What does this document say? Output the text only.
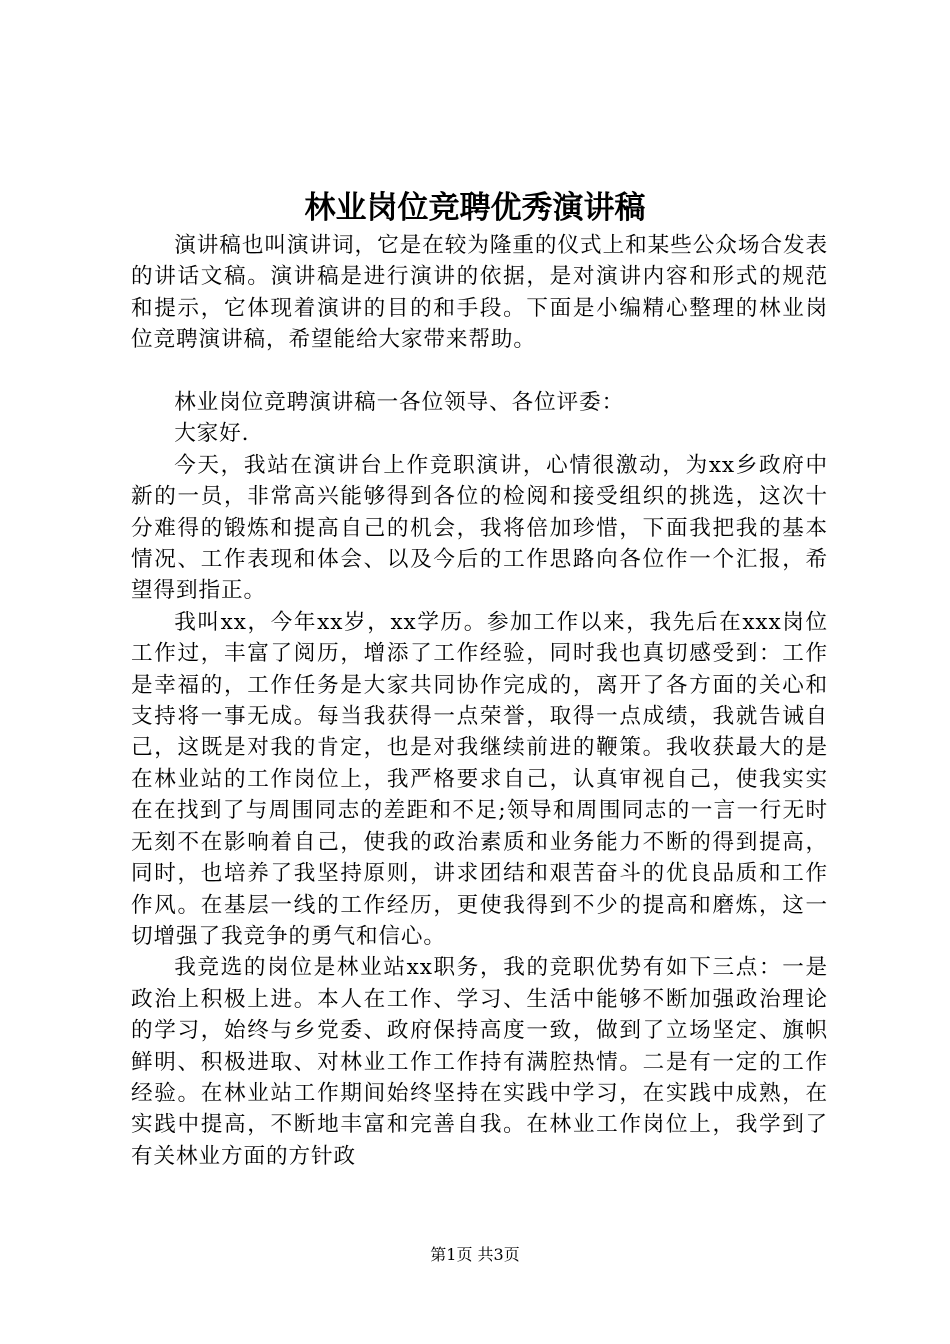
林业岗位竞聘优秀演讲稿

演讲稿也叫演讲词，它是在较为隆重的仪式上和某些公众场合发表的讲话文稿。演讲稿是进行演讲的依据，是对演讲内容和形式的规范和提示，它体现着演讲的目的和手段。下面是小编精心整理的林业岗位竞聘演讲稿，希望能给大家带来帮助。

林业岗位竞聘演讲稿一各位领导、各位评委：

大家好.

今天，我站在演讲台上作竞职演讲，心情很激动，为xx乡政府中新的一员，非常高兴能够得到各位的检阅和接受组织的挑选，这次十分难得的锻炼和提高自己的机会，我将倍加珍惜，下面我把我的基本情况、工作表现和体会、以及今后的工作思路向各位作一个汇报，希望得到指正。

我叫xx，今年xx岁，xx学历。参加工作以来，我先后在xxx岗位工作过，丰富了阅历，增添了工作经验，同时我也真切感受到：工作是幸福的，工作任务是大家共同协作完成的，离开了各方面的关心和支持将一事无成。每当我获得一点荣誉，取得一点成绩，我就告诫自己，这既是对我的肯定，也是对我继续前进的鞭策。我收获最大的是在林业站的工作岗位上，我严格要求自己，认真审视自己，使我实实在在找到了与周围同志的差距和不足;领导和周围同志的一言一行无时无刻不在影响着自己，使我的政治素质和业务能力不断的得到提高，同时，也培养了我坚持原则，讲求团结和艰苦奋斗的优良品质和工作作风。在基层一线的工作经历，更使我得到不少的提高和磨炼，这一切增强了我竞争的勇气和信心。

我竞选的岗位是林业站xx职务，我的竞职优势有如下三点：一是政治上积极上进。本人在工作、学习、生活中能够不断加强政治理论的学习，始终与乡党委、政府保持高度一致，做到了立场坚定、旗帜鲜明、积极进取、对林业工作工作持有满腔热情。二是有一定的工作经验。在林业站工作期间始终坚持在实践中学习，在实践中成熟，在实践中提高，不断地丰富和完善自我。在林业工作岗位上，我学到了有关林业方面的方针政

第1页 共3页
